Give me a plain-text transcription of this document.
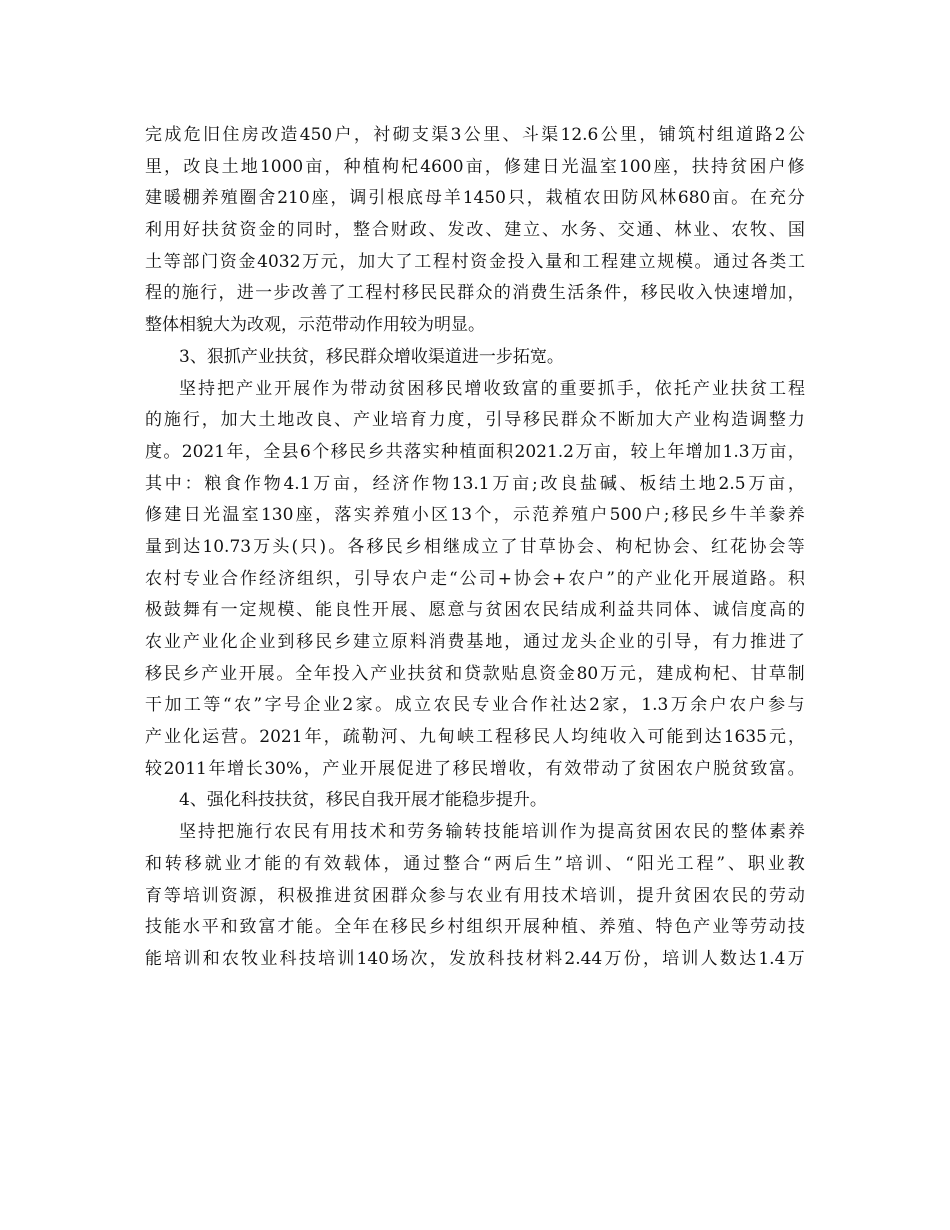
完 成 危 旧 住 房 改 造 450 户 ， 衬 砌 支 渠 3 公 里 、 斗 渠 12.6 公 里 ， 铺 筑 村 组 道 路 2 公
里 ， 改 良 土 地 1000 亩 ， 种 植 枸 杞 4600 亩 ， 修 建 日 光 温 室 100 座 ， 扶 持 贫 困 户 修
建 暖 棚 养 殖 圈 舍 210 座 ， 调 引 根 底 母 羊 1450 只 ， 栽 植 农 田 防 风 林 680 亩 。 在 充 分
利 用 好 扶 贫 资 金 的 同 时 ， 整 合 财 政 、 发 改 、 建 立 、 水 务 、 交 通 、 林 业 、 农 牧 、 国
土 等 部 门 资 金 4032 万 元 ， 加 大 了 工 程 村 资 金 投 入 量 和 工 程 建 立 规 模 。 通 过 各 类 工
程 的 施 行 ， 进 一 步 改 善 了 工 程 村 移 民 民 群 众 的 消 费 生 活 条 件 ， 移 民 收 入 快 速 增 加 ，
整体相貌大为改观，示范带动作用较为明显。
3、狠抓产业扶贫，移民群众增收渠道进一步拓宽。
坚 持 把 产 业 开 展 作 为 带 动 贫 困 移 民 增 收 致 富 的 重 要 抓 手 ， 依 托 产 业 扶 贫 工 程
的 施 行 ， 加 大 土 地 改 良 、 产 业 培 育 力 度 ， 引 导 移 民 群 众 不 断 加 大 产 业 构 造 调 整 力
度 。 2021 年 ， 全 县 6 个 移 民 乡 共 落 实 种 植 面 积 2021.2 万 亩 ， 较 上 年 增 加 1.3 万 亩 ，
其 中 ： 粮 食 作 物 4.1 万 亩 ， 经 济 作 物 13.1 万 亩 ; 改 良 盐 碱 、 板 结 土 地 2.5 万 亩 ，
修 建 日 光 温 室 130 座 ， 落 实 养 殖 小 区 13 个 ， 示 范 养 殖 户 500 户 ; 移 民 乡 牛 羊 豢 养
量 到 达 10.73 万 头 ( 只 ) 。 各 移 民 乡 相 继 成 立 了 甘 草 协 会 、 枸 杞 协 会 、 红 花 协 会 等
农 村 专 业 合 作 经 济 组 织 ， 引 导 农 户 走 “ 公 司 + 协 会 + 农 户 ” 的 产 业 化 开 展 道 路 。 积
极 鼓 舞 有 一 定 规 模 、 能 良 性 开 展 、 愿 意 与 贫 困 农 民 结 成 利 益 共 同 体 、 诚 信 度 高 的
农 业 产 业 化 企 业 到 移 民 乡 建 立 原 料 消 费 基 地 ， 通 过 龙 头 企 业 的 引 导 ， 有 力 推 进 了
移 民 乡 产 业 开 展 。 全 年 投 入 产 业 扶 贫 和 贷 款 贴 息 资 金 80 万 元 ， 建 成 枸 杞 、 甘 草 制
干 加 工 等 “ 农 ” 字 号 企 业 2 家 。 成 立 农 民 专 业 合 作 社 达 2 家 ， 1.3 万 余 户 农 户 参 与
产 业 化 运 营 。 2021 年 ， 疏 勒 河 、 九 甸 峡 工 程 移 民 人 均 纯 收 入 可 能 到 达 1635 元 ，
较 2011 年 增 长 30% ， 产 业 开 展 促 进 了 移 民 增 收 ， 有 效 带 动 了 贫 困 农 户 脱 贫 致 富 。
4、强化科技扶贫，移民自我开展才能稳步提升。
坚 持 把 施 行 农 民 有 用 技 术 和 劳 务 输 转 技 能 培 训 作 为 提 高 贫 困 农 民 的 整 体 素 养
和 转 移 就 业 才 能 的 有 效 载 体 ， 通 过 整 合 “ 两 后 生 ” 培 训 、 “ 阳 光 工 程 ” 、 职 业 教
育 等 培 训 资 源 ， 积 极 推 进 贫 困 群 众 参 与 农 业 有 用 技 术 培 训 ， 提 升 贫 困 农 民 的 劳 动
技 能 水 平 和 致 富 才 能 。 全 年 在 移 民 乡 村 组 织 开 展 种 植 、 养 殖 、 特 色 产 业 等 劳 动 技
能 培 训 和 农 牧 业 科 技 培 训 140 场 次 ， 发 放 科 技 材 料 2.44 万 份 ， 培 训 人 数 达 1.4 万
